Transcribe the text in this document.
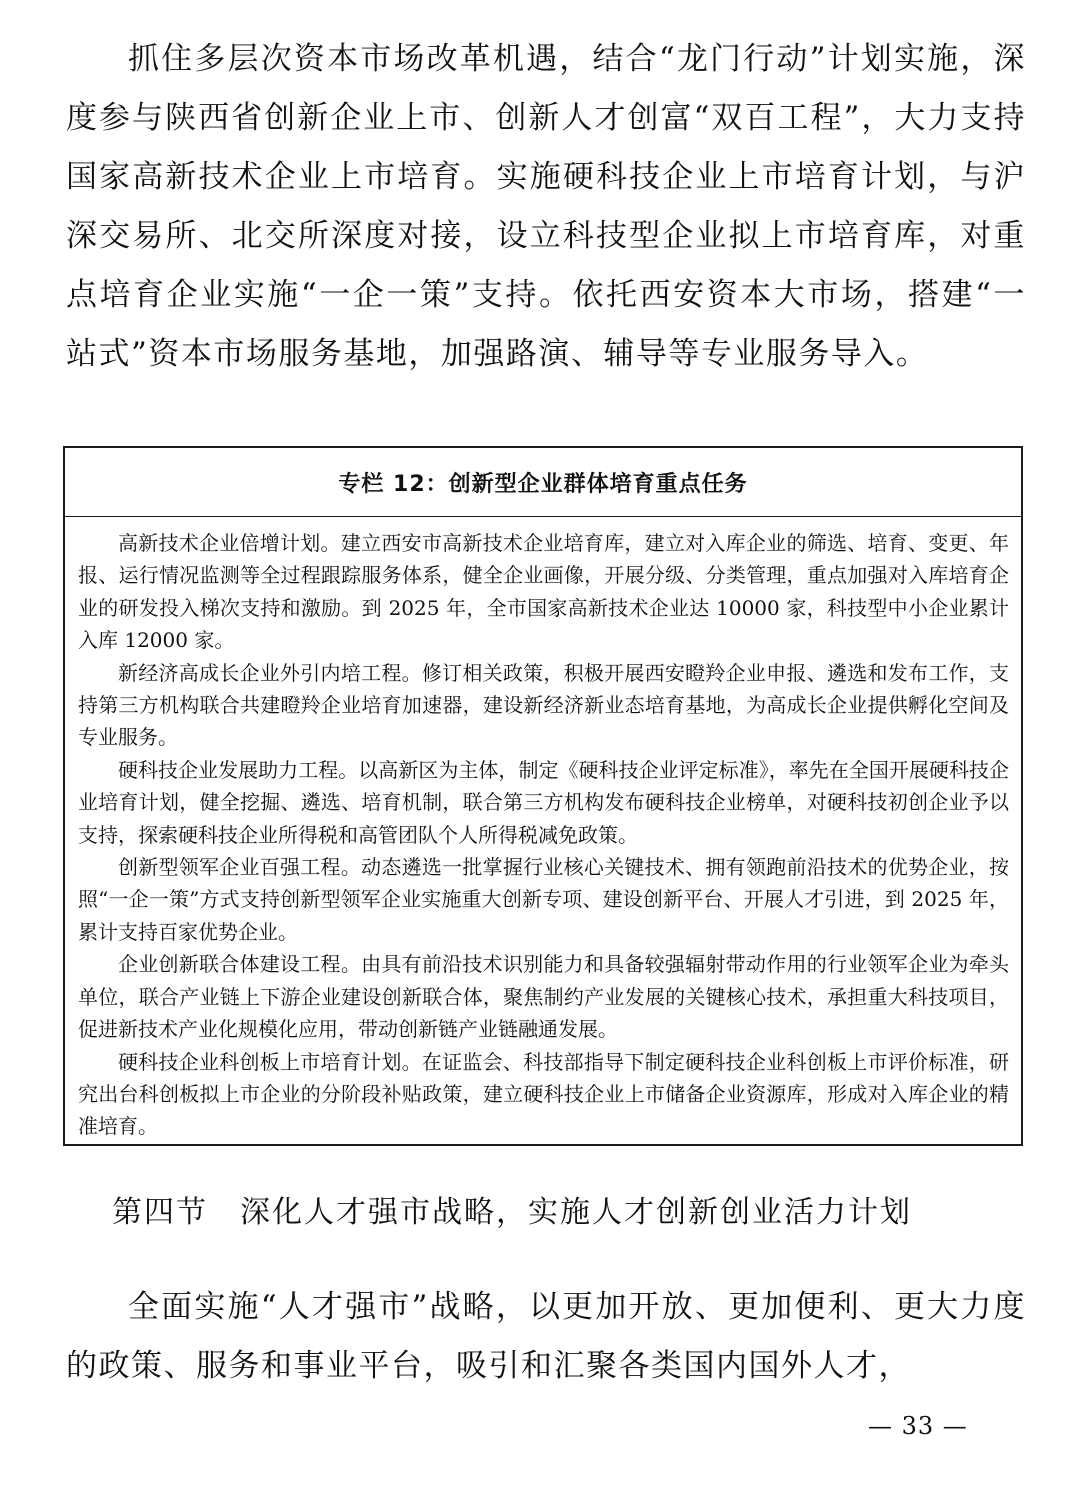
抓住多层次资本市场改革机遇，结合“龙门行动”计划实施，深度参与陕西省创新企业上市、创新人才创富“双百工程”，大力支持国家高新技术企业上市培育。实施硬科技企业上市培育计划，与沪深交易所、北交所深度对接，设立科技型企业拟上市培育库，对重点培育企业实施“一企一策”支持。依托西安资本大市场，搭建“一站式”资本市场服务基地，加强路演、辅导等专业服务导入。

专栏 12：创新型企业群体培育重点任务

高新技术企业倍增计划。建立西安市高新技术企业培育库，建立对入库企业的筛选、培育、变更、年报、运行情况监测等全过程跟踪服务体系，健全企业画像，开展分级、分类管理，重点加强对入库培育企业的研发投入梯次支持和激励。到 2025 年，全市国家高新技术企业达 10000 家，科技型中小企业累计入库 12000 家。

新经济高成长企业外引内培工程。修订相关政策，积极开展西安瞪羚企业申报、遴选和发布工作，支持第三方机构联合共建瞪羚企业培育加速器，建设新经济新业态培育基地，为高成长企业提供孵化空间及专业服务。

硬科技企业发展助力工程。以高新区为主体，制定《硬科技企业评定标准》，率先在全国开展硬科技企业培育计划，健全挖掘、遴选、培育机制，联合第三方机构发布硬科技企业榜单，对硬科技初创企业予以支持，探索硬科技企业所得税和高管团队个人所得税减免政策。

创新型领军企业百强工程。动态遴选一批掌握行业核心关键技术、拥有领跑前沿技术的优势企业，按照“一企一策”方式支持创新型领军企业实施重大创新专项、建设创新平台、开展人才引进，到 2025 年，累计支持百家优势企业。

企业创新联合体建设工程。由具有前沿技术识别能力和具备较强辐射带动作用的行业领军企业为牵头单位，联合产业链上下游企业建设创新联合体，聚焦制约产业发展的关键核心技术，承担重大科技项目，促进新技术产业化规模化应用，带动创新链产业链融通发展。

硬科技企业科创板上市培育计划。在证监会、科技部指导下制定硬科技企业科创板上市评价标准，研究出台科创板拟上市企业的分阶段补贴政策，建立硬科技企业上市储备企业资源库，形成对入库企业的精准培育。

第四节 深化人才强市战略，实施人才创新创业活力计划

全面实施“人才强市”战略，以更加开放、更加便利、更大力度的政策、服务和事业平台，吸引和汇聚各类国内国外人才，

— 33 —
